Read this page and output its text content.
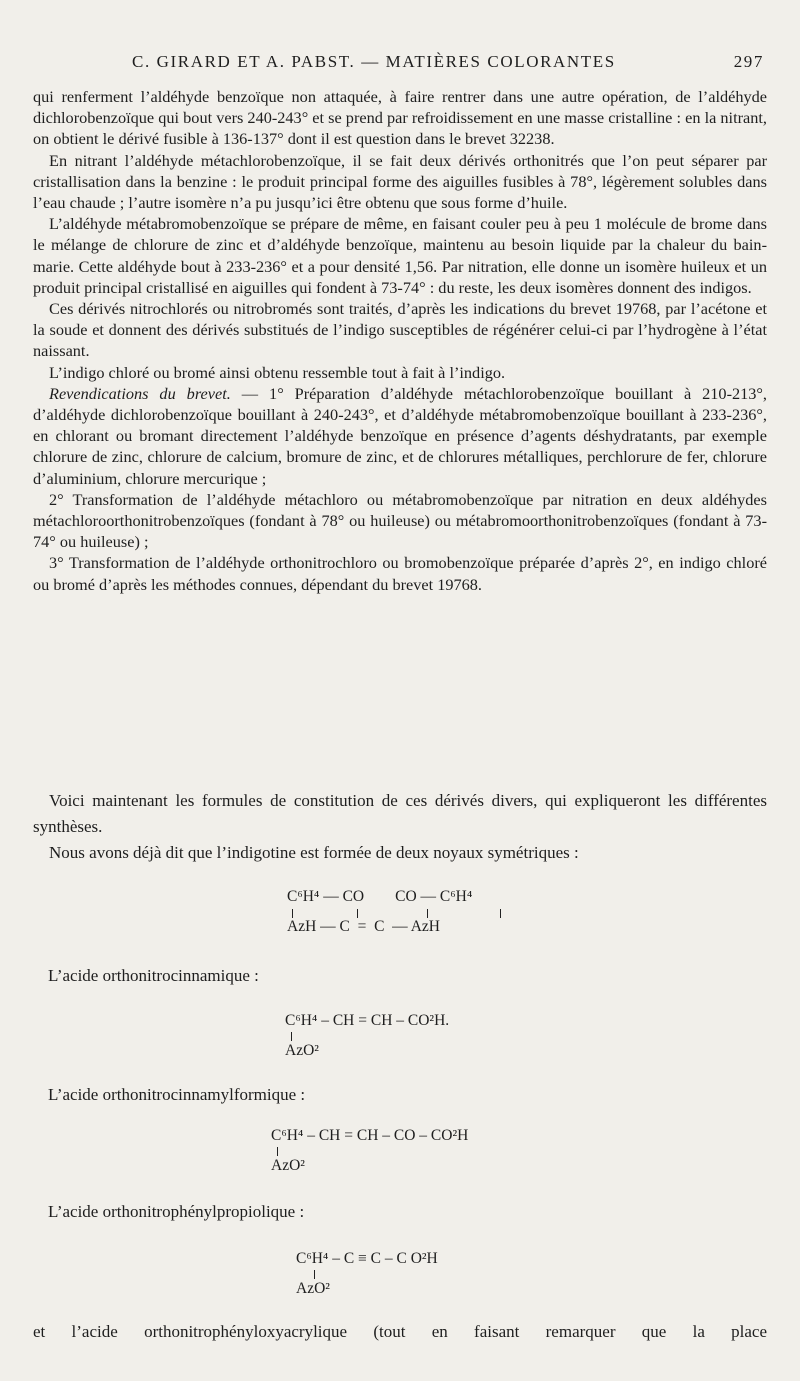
C. GIRARD ET A. PABST. — MATIÈRES COLORANTES	297

qui renferment l’aldéhyde benzoïque non attaquée, à faire rentrer dans une autre opération, de l’aldéhyde dichlorobenzoïque qui bout vers 240-243° et se prend par refroidissement en une masse cristalline : en la nitrant, on obtient le dérivé fusible à 136-137° dont il est question dans le brevet 32238.

En nitrant l’aldéhyde métachlorobenzoïque, il se fait deux dérivés orthonitrés que l’on peut séparer par cristallisation dans la benzine : le produit principal forme des aiguilles fusibles à 78°, légèrement solubles dans l’eau chaude ; l’autre isomère n’a pu jusqu’ici être obtenu que sous forme d’huile.

L’aldéhyde métabromobenzoïque se prépare de même, en faisant couler peu à peu 1 molécule de brome dans le mélange de chlorure de zinc et d’aldéhyde benzoïque, maintenu au besoin liquide par la chaleur du bain-marie. Cette aldéhyde bout à 233-236° et a pour densité 1,56. Par nitration, elle donne un isomère huileux et un produit principal cristallisé en aiguilles qui fondent à 73-74° : du reste, les deux isomères donnent des indigos.

Ces dérivés nitrochlorés ou nitrobromés sont traités, d’après les indications du brevet 19768, par l’acétone et la soude et donnent des dérivés substitués de l’indigo susceptibles de régénérer celui-ci par l’hydrogène à l’état naissant.

L’indigo chloré ou bromé ainsi obtenu ressemble tout à fait à l’indigo.

Revendications du brevet. — 1° Préparation d’aldéhyde métachlorobenzoïque bouillant à 210-213°, d’aldéhyde dichlorobenzoïque bouillant à 240-243°, et d’aldéhyde métabromobenzoïque bouillant à 233-236°, en chlorant ou bromant directement l’aldéhyde benzoïque en présence d’agents déshydratants, par exemple chlorure de zinc, chlorure de calcium, bromure de zinc, et de chlorures métalliques, perchlorure de fer, chlorure d’aluminium, chlorure mercurique ;

2° Transformation de l’aldéhyde métachloro ou métabromobenzoïque par nitration en deux aldéhydes métachloroorthonitrobenzoïques (fondant à 78° ou huileuse) ou métabromoorthonitrobenzoïques (fondant à 73-74° ou huileuse) ;

3° Transformation de l’aldéhyde orthonitrochloro ou bromobenzoïque préparée d’après 2°, en indigo chloré ou bromé d’après les méthodes connues, dépendant du brevet 19768.

Voici maintenant les formules de constitution de ces dérivés divers, qui expliqueront les différentes synthèses.

Nous avons déjà dit que l’indigotine est formée de deux noyaux symétriques :

C⁶H⁴ — CO        CO — C⁶H⁴
AzH — C  =  C  — AzH
L’acide orthonitrocinnamique :
C⁶H⁴ – CH = CH – CO²H.
AzO²
L’acide orthonitrocinnamylformique :
C⁶H⁴ – CH = CH – CO – CO²H
AzO²
L’acide orthonitrophénylpropiolique :
C⁶H⁴ – C ≡ C – C O²H
AzO²
et l’acide orthonitrophényloxyacrylique (tout en faisant remarquer que la place
